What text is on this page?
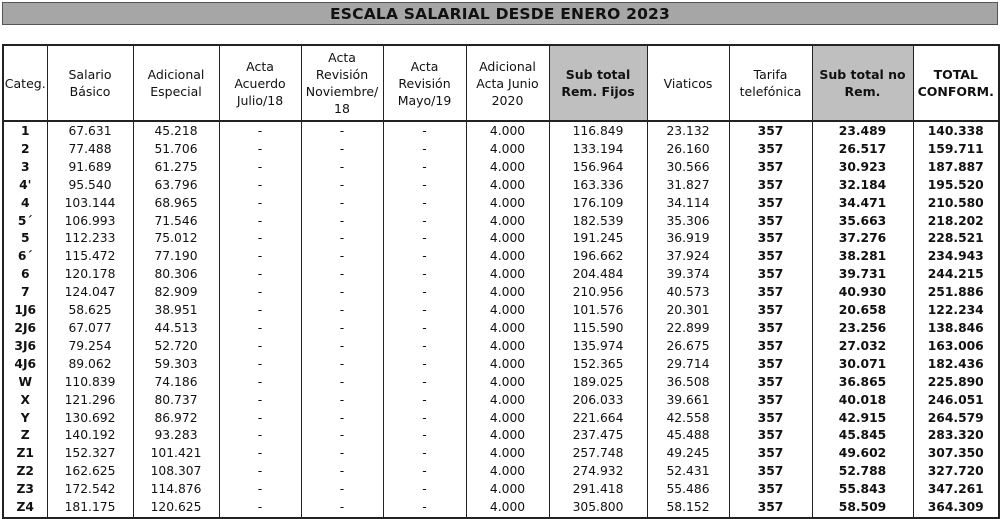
ESCALA SALARIAL DESDE ENERO 2023
Categ.	Salario Básico	Adicional Especial	Acta Acuerdo Julio/18	Acta Revisión Noviembre/ 18	Acta Revisión Mayo/19	Adicional Acta Junio 2020	Sub total Rem. Fijos	Viaticos	Tarifa telefónica	Sub total no Rem.	TOTAL CONFORM.
1	67.631	45.218	-	-	-	4.000	116.849	23.132	357	23.489	140.338
2	77.488	51.706	-	-	-	4.000	133.194	26.160	357	26.517	159.711
3	91.689	61.275	-	-	-	4.000	156.964	30.566	357	30.923	187.887
4'	95.540	63.796	-	-	-	4.000	163.336	31.827	357	32.184	195.520
4	103.144	68.965	-	-	-	4.000	176.109	34.114	357	34.471	210.580
5´	106.993	71.546	-	-	-	4.000	182.539	35.306	357	35.663	218.202
5	112.233	75.012	-	-	-	4.000	191.245	36.919	357	37.276	228.521
6´	115.472	77.190	-	-	-	4.000	196.662	37.924	357	38.281	234.943
6	120.178	80.306	-	-	-	4.000	204.484	39.374	357	39.731	244.215
7	124.047	82.909	-	-	-	4.000	210.956	40.573	357	40.930	251.886
1J6	58.625	38.951	-	-	-	4.000	101.576	20.301	357	20.658	122.234
2J6	67.077	44.513	-	-	-	4.000	115.590	22.899	357	23.256	138.846
3J6	79.254	52.720	-	-	-	4.000	135.974	26.675	357	27.032	163.006
4J6	89.062	59.303	-	-	-	4.000	152.365	29.714	357	30.071	182.436
W	110.839	74.186	-	-	-	4.000	189.025	36.508	357	36.865	225.890
X	121.296	80.737	-	-	-	4.000	206.033	39.661	357	40.018	246.051
Y	130.692	86.972	-	-	-	4.000	221.664	42.558	357	42.915	264.579
Z	140.192	93.283	-	-	-	4.000	237.475	45.488	357	45.845	283.320
Z1	152.327	101.421	-	-	-	4.000	257.748	49.245	357	49.602	307.350
Z2	162.625	108.307	-	-	-	4.000	274.932	52.431	357	52.788	327.720
Z3	172.542	114.876	-	-	-	4.000	291.418	55.486	357	55.843	347.261
Z4	181.175	120.625	-	-	-	4.000	305.800	58.152	357	58.509	364.309
